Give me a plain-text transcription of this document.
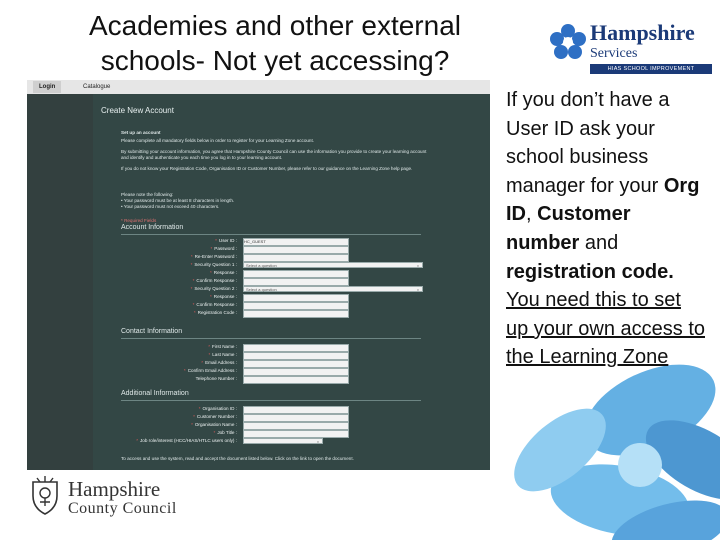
Academies and other external schools- Not yet accessing?
Hampshire
Services
HIAS SCHOOL IMPROVEMENT
If you don’t have a User ID ask your school business manager for your Org ID, Customer number and registration code. You need this to set up your own access to the Learning Zone
Login	Catalogue
Create New Account
Set up an account
Please complete all mandatory fields below in order to register for your Learning Zone account.
By submitting your account information, you agree that Hampshire County Council can use the information you provide to create your learning account
and identify and authenticate you each time you log in to your learning account.
If you do not know your Registration Code, Organisation ID or Customer Number, please refer to our guidance on the Learning Zone help page.
Please note the following:
• Your password must be at least 8 characters in length.
• Your password must not exceed 40 characters.
* Required Fields
Account Information
* User ID : HC_GUEST
* Password :
* Re-Enter Password :
* Security Question 1 :	Select a question v
* Response :
* Confirm Response :
* Security Question 2 :	Select a question v
* Response :
* Confirm Response :
* Registration Code :
Contact Information
* First Name :
* Last Name :
* Email Address :
* Confirm Email Address :
Telephone Number :
Additional Information
* Organisation ID :
* Customer Number :
* Organisation Name :
* Job Title :
* Job role/interest (HCC/HIAS/HTLC users only) :
v
To access and use the system, read and accept the document listed below. Click on the link to open the document.
Hampshire
County Council
